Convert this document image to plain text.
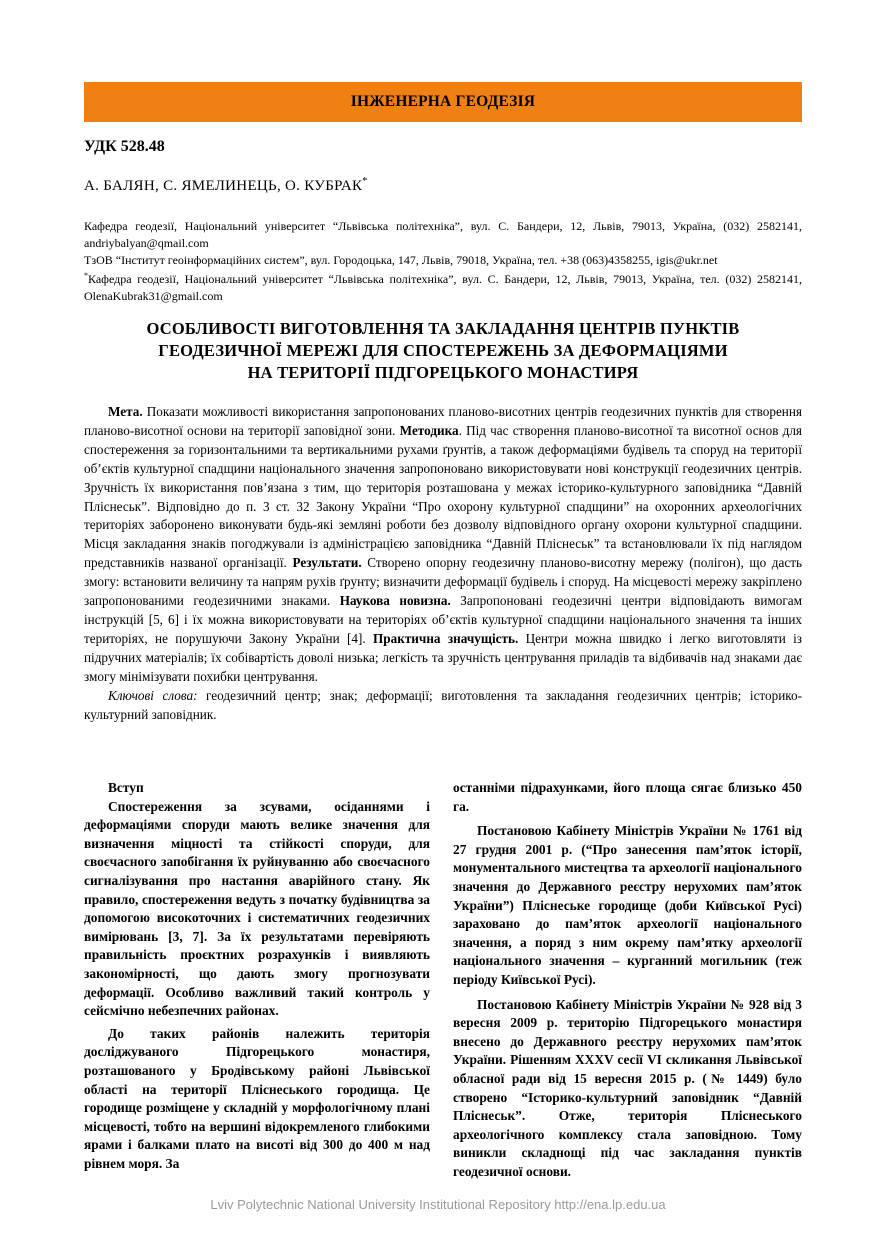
ІНЖЕНЕРНА ГЕОДЕЗІЯ
УДК 528.48
А. БАЛЯН, С. ЯМЕЛИНЕЦЬ, О. КУБРАК*
Кафедра геодезії, Національний університет “Львівська політехніка”, вул. С. Бандери, 12, Львів, 79013, Україна, (032) 2582141, andriybalyan@qmail.com
ТзОВ “Інститут геоінформаційних систем”, вул. Городоцька, 147, Львів, 79018, Україна, тел. +38 (063)4358255, igis@ukr.net
*Кафедра геодезії, Національний університет “Львівська політехніка”, вул. С. Бандери, 12, Львів, 79013, Україна, тел. (032) 2582141, OlenaKubrak31@gmail.com
ОСОБЛИВОСТІ ВИГОТОВЛЕННЯ ТА ЗАКЛАДАННЯ ЦЕНТРІВ ПУНКТІВ
ГЕОДЕЗИЧНОЇ МЕРЕЖІ ДЛЯ СПОСТЕРЕЖЕНЬ ЗА ДЕФОРМАЦІЯМИ
НА ТЕРИТОРІЇ ПІДГОРЕЦЬКОГО МОНАСТИРЯ

Мета. Показати можливості використання запропонованих планово-висотних центрів геодезичних пунктів для створення планово-висотної основи на території заповідної зони. Методика. Під час створення планово-висотної та висотної основ для спостереження за горизонтальними та вертикальними рухами ґрунтів, а також деформаціями будівель та споруд на території об’єктів культурної спадщини національного значення запропоновано використовувати нові конструкції геодезичних центрів. Зручність їх використання пов’язана з тим, що територія розташована у межах історико-культурного заповідника “Давній Пліснеськ”. Відповідно до п. 3 ст. 32 Закону України “Про охорону культурної спадщини” на охоронних археологічних територіях заборонено виконувати будь-які земляні роботи без дозволу відповідного органу охорони культурної спадщини. Місця закладання знаків погоджували із адміністрацією заповідника “Давній Пліснеськ” та встановлювали їх під наглядом представників названої організації. Результати. Створено опорну геодезичну планово-висотну мережу (полігон), що дасть змогу: встановити величину та напрям рухів ґрунту; визначити деформації будівель і споруд. На місцевості мережу закріплено запропонованими геодезичними знаками. Наукова новизна. Запропоновані геодезичні центри відповідають вимогам інструкцій [5, 6] і їх можна використовувати на територіях об’єктів культурної спадщини національного значення та інших територіях, не порушуючи Закону України [4]. Практична значущість. Центри можна швидко і легко виготовляти із підручних матеріалів; їх собівартість доволі низька; легкість та зручність центрування приладів та відбивачів над знаками дає змогу мінімізувати похибки центрування.

Ключові слова: геодезичний центр; знак; деформації; виготовлення та закладання геодезичних центрів; історико-культурний заповідник.

Вступ

Спостереження за зсувами, осіданнями і деформаціями споруди мають велике значення для визначення міцності та стійкості споруди, для своєчасного запобігання їх руйнуванню або своєчасного сигналізування про настання аварійного стану. Як правило, спостереження ведуть з початку будівництва за допомогою високоточних і систематичних геодезичних вимірювань [3, 7]. За їх результатами перевіряють правильність проєктних розрахунків і виявляють закономірності, що дають змогу прогнозувати деформації. Особливо важливий такий контроль у сейсмічно небезпечних районах.

До таких районів належить територія досліджуваного Підгорецького монастиря, розташованого у Бродівському районі Львівської області на території Пліснеського городища. Це городище розміщене у складній у морфологічному плані місцевості, тобто на вершині відокремленого глибокими ярами і балками плато на висоті від 300 до 400 м над рівнем моря. За

останніми підрахунками, його площа сягає близько 450 га.

Постановою Кабінету Міністрів України № 1761 від 27 грудня 2001 р. (“Про занесення пам’яток історії, монументального мистецтва та археології національного значення до Державного реєстру нерухомих пам’яток України”) Пліснеське городище (доби Київської Русі) зараховано до пам’яток археології національного значення, а поряд з ним окрему пам’ятку археології національного значення – курганний могильник (теж періоду Київської Русі).

Постановою Кабінету Міністрів України № 928 від 3 вересня 2009 р. територію Підгорецького монастиря внесено до Державного реєстру нерухомих пам’яток України. Рішенням XXXV сесії VI скликання Львівської обласної ради від 15 вересня 2015 р. (№ 1449) було створено “Історико-культурний заповідник “Давній Пліснеськ”. Отже, територія Пліснеського археологічного комплексу стала заповідною. Тому виникли складнощі під час закладання пунктів геодезичної основи.

Lviv Polytechnic National University Institutional Repository http://ena.lp.edu.ua
